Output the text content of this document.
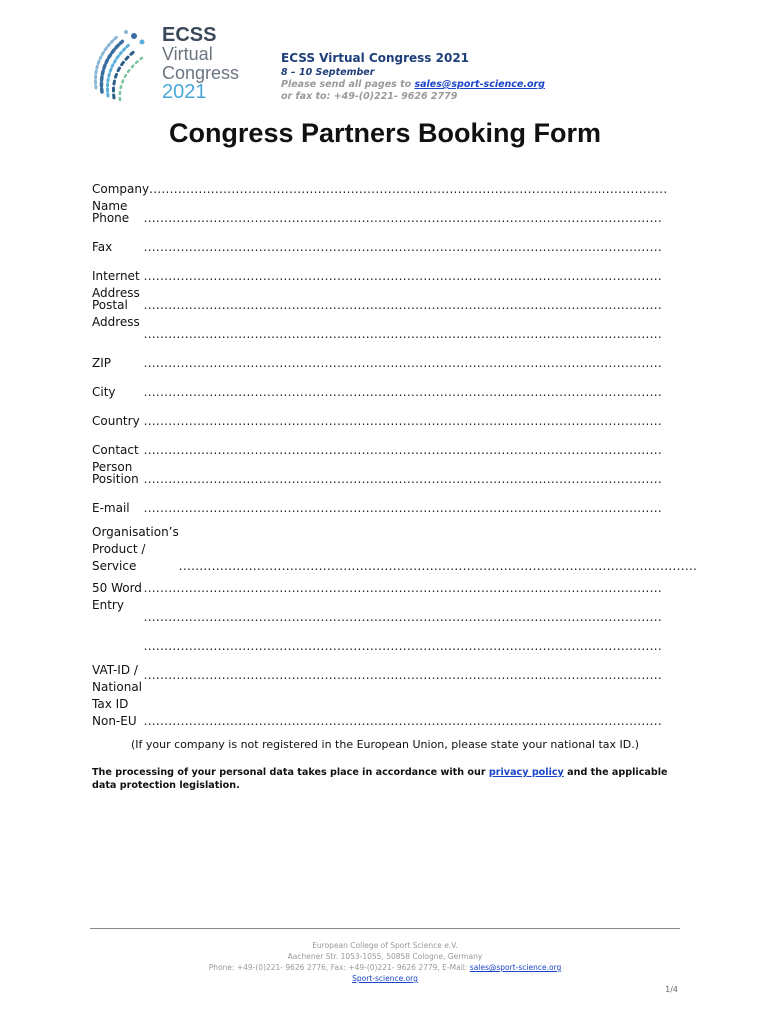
ECSS
Virtual
Congress
2021
ECSS Virtual Congress 2021
8 – 10 September
Please send all pages to sales@sport-science.org
or fax to: +49-(0)221- 9626 2779
Congress Partners Booking Form
Company Name
..............................................................................................................................
Phone	..............................................................................................................................
Fax	..............................................................................................................................
Internet Address
..............................................................................................................................
Postal Address
..............................................................................................................................
..............................................................................................................................
ZIP	..............................................................................................................................
City	..............................................................................................................................
Country ..............................................................................................................................
Contact Person
..............................................................................................................................
Position ..............................................................................................................................
E-mail	..............................................................................................................................
Organisation’s
Product / Service	..............................................................................................................................
50 Word Entry
..............................................................................................................................
..............................................................................................................................
..............................................................................................................................
..............................................................................................................................
VAT-ID / National
Tax ID Non-EU ..............................................................................................................................
(If your company is not registered in the European Union, please state your national tax ID.)
The processing of your personal data takes place in accordance with our privacy policy and the applicable data protection legislation.
European College of Sport Science e.V.
Aachener Str. 1053-1055, 50858 Cologne, Germany
Phone: +49-(0)221- 9626 2776, Fax: +49-(0)221- 9626 2779, E-Mail: sales@sport-science.org
Sport-science.org
1/4
